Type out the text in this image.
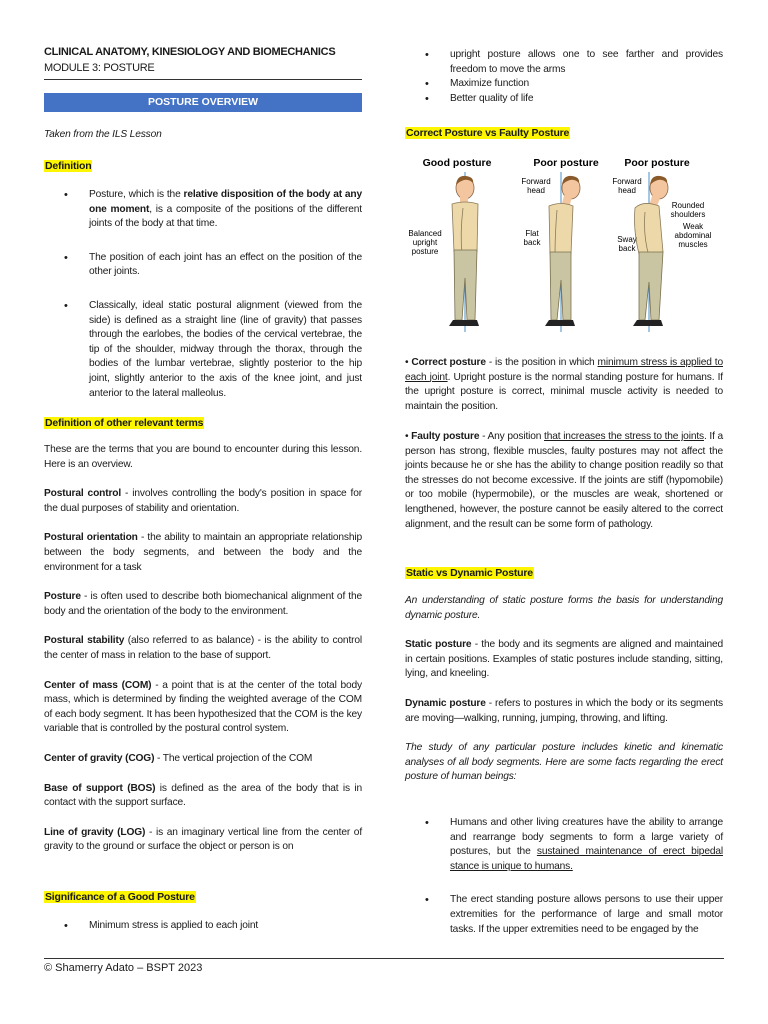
CLINICAL ANATOMY, KINESIOLOGY AND BIOMECHANICS
MODULE 3: POSTURE
POSTURE OVERVIEW

Taken from the ILS Lesson

Definition
• Posture, which is the relative disposition of the body at any one moment, is a composite of the positions of the different joints of the body at that time.
• The position of each joint has an effect on the position of the other joints.
• Classically, ideal static postural alignment (viewed from the side) is defined as a straight line (line of gravity) that passes through the earlobes, the bodies of the cervical vertebrae, the tip of the shoulder, midway through the thorax, through the bodies of the lumbar vertebrae, slightly posterior to the hip joint, slightly anterior to the axis of the knee joint, and just anterior to the lateral malleolus.
Definition of other relevant terms

These are the terms that you are bound to encounter during this lesson. Here is an overview.

Postural control - involves controlling the body's position in space for the dual purposes of stability and orientation.

Postural orientation - the ability to maintain an appropriate relationship between the body segments, and between the body and the environment for a task

Posture - is often used to describe both biomechanical alignment of the body and the orientation of the body to the environment.

Postural stability (also referred to as balance) - is the ability to control the center of mass in relation to the base of support.

Center of mass (COM) - a point that is at the center of the total body mass, which is determined by finding the weighted average of the COM of each body segment. It has been hypothesized that the COM is the key variable that is controlled by the postural control system.

Center of gravity (COG) - The vertical projection of the COM

Base of support (BOS) is defined as the area of the body that is in contact with the support surface.

Line of gravity (LOG) - is an imaginary vertical line from the center of gravity to the ground or surface the object or person is on

Significance of a Good Posture
• Minimum stress is applied to each joint
• upright posture allows one to see farther and provides freedom to move the arms
• Maximize function
• Better quality of life
Correct Posture vs Faulty Posture
Good posture	Poor posture Poor posture
Balanced
upright
posture
Forward
head
Flat
back
Forward
head
Rounded
shoulders
Weak
abdominal
muscles
Sway
back

• Correct posture - is the position in which minimum stress is applied to each joint. Upright posture is the normal standing posture for humans. If the upright posture is correct, minimal muscle activity is needed to maintain the position.

• Faulty posture - Any position that increases the stress to the joints. If a person has strong, flexible muscles, faulty postures may not affect the joints because he or she has the ability to change position readily so that the stresses do not become excessive. If the joints are stiff (hypomobile) or too mobile (hypermobile), or the muscles are weak, shortened or lengthened, however, the posture cannot be easily altered to the correct alignment, and the result can be some form of pathology.

Static vs Dynamic Posture

An understanding of static posture forms the basis for understanding dynamic posture.

Static posture - the body and its segments are aligned and maintained in certain positions. Examples of static postures include standing, sitting, lying, and kneeling.

Dynamic posture - refers to postures in which the body or its segments are moving—walking, running, jumping, throwing, and lifting.

The study of any particular posture includes kinetic and kinematic analyses of all body segments. Here are some facts regarding the erect posture of human beings:

• Humans and other living creatures have the ability to arrange and rearrange body segments to form a large variety of postures, but the sustained maintenance of erect bipedal stance is unique to humans.
• The erect standing posture allows persons to use their upper extremities for the performance of large and small motor tasks. If the upper extremities need to be engaged by the
© Shamerry Adato – BSPT 2023
